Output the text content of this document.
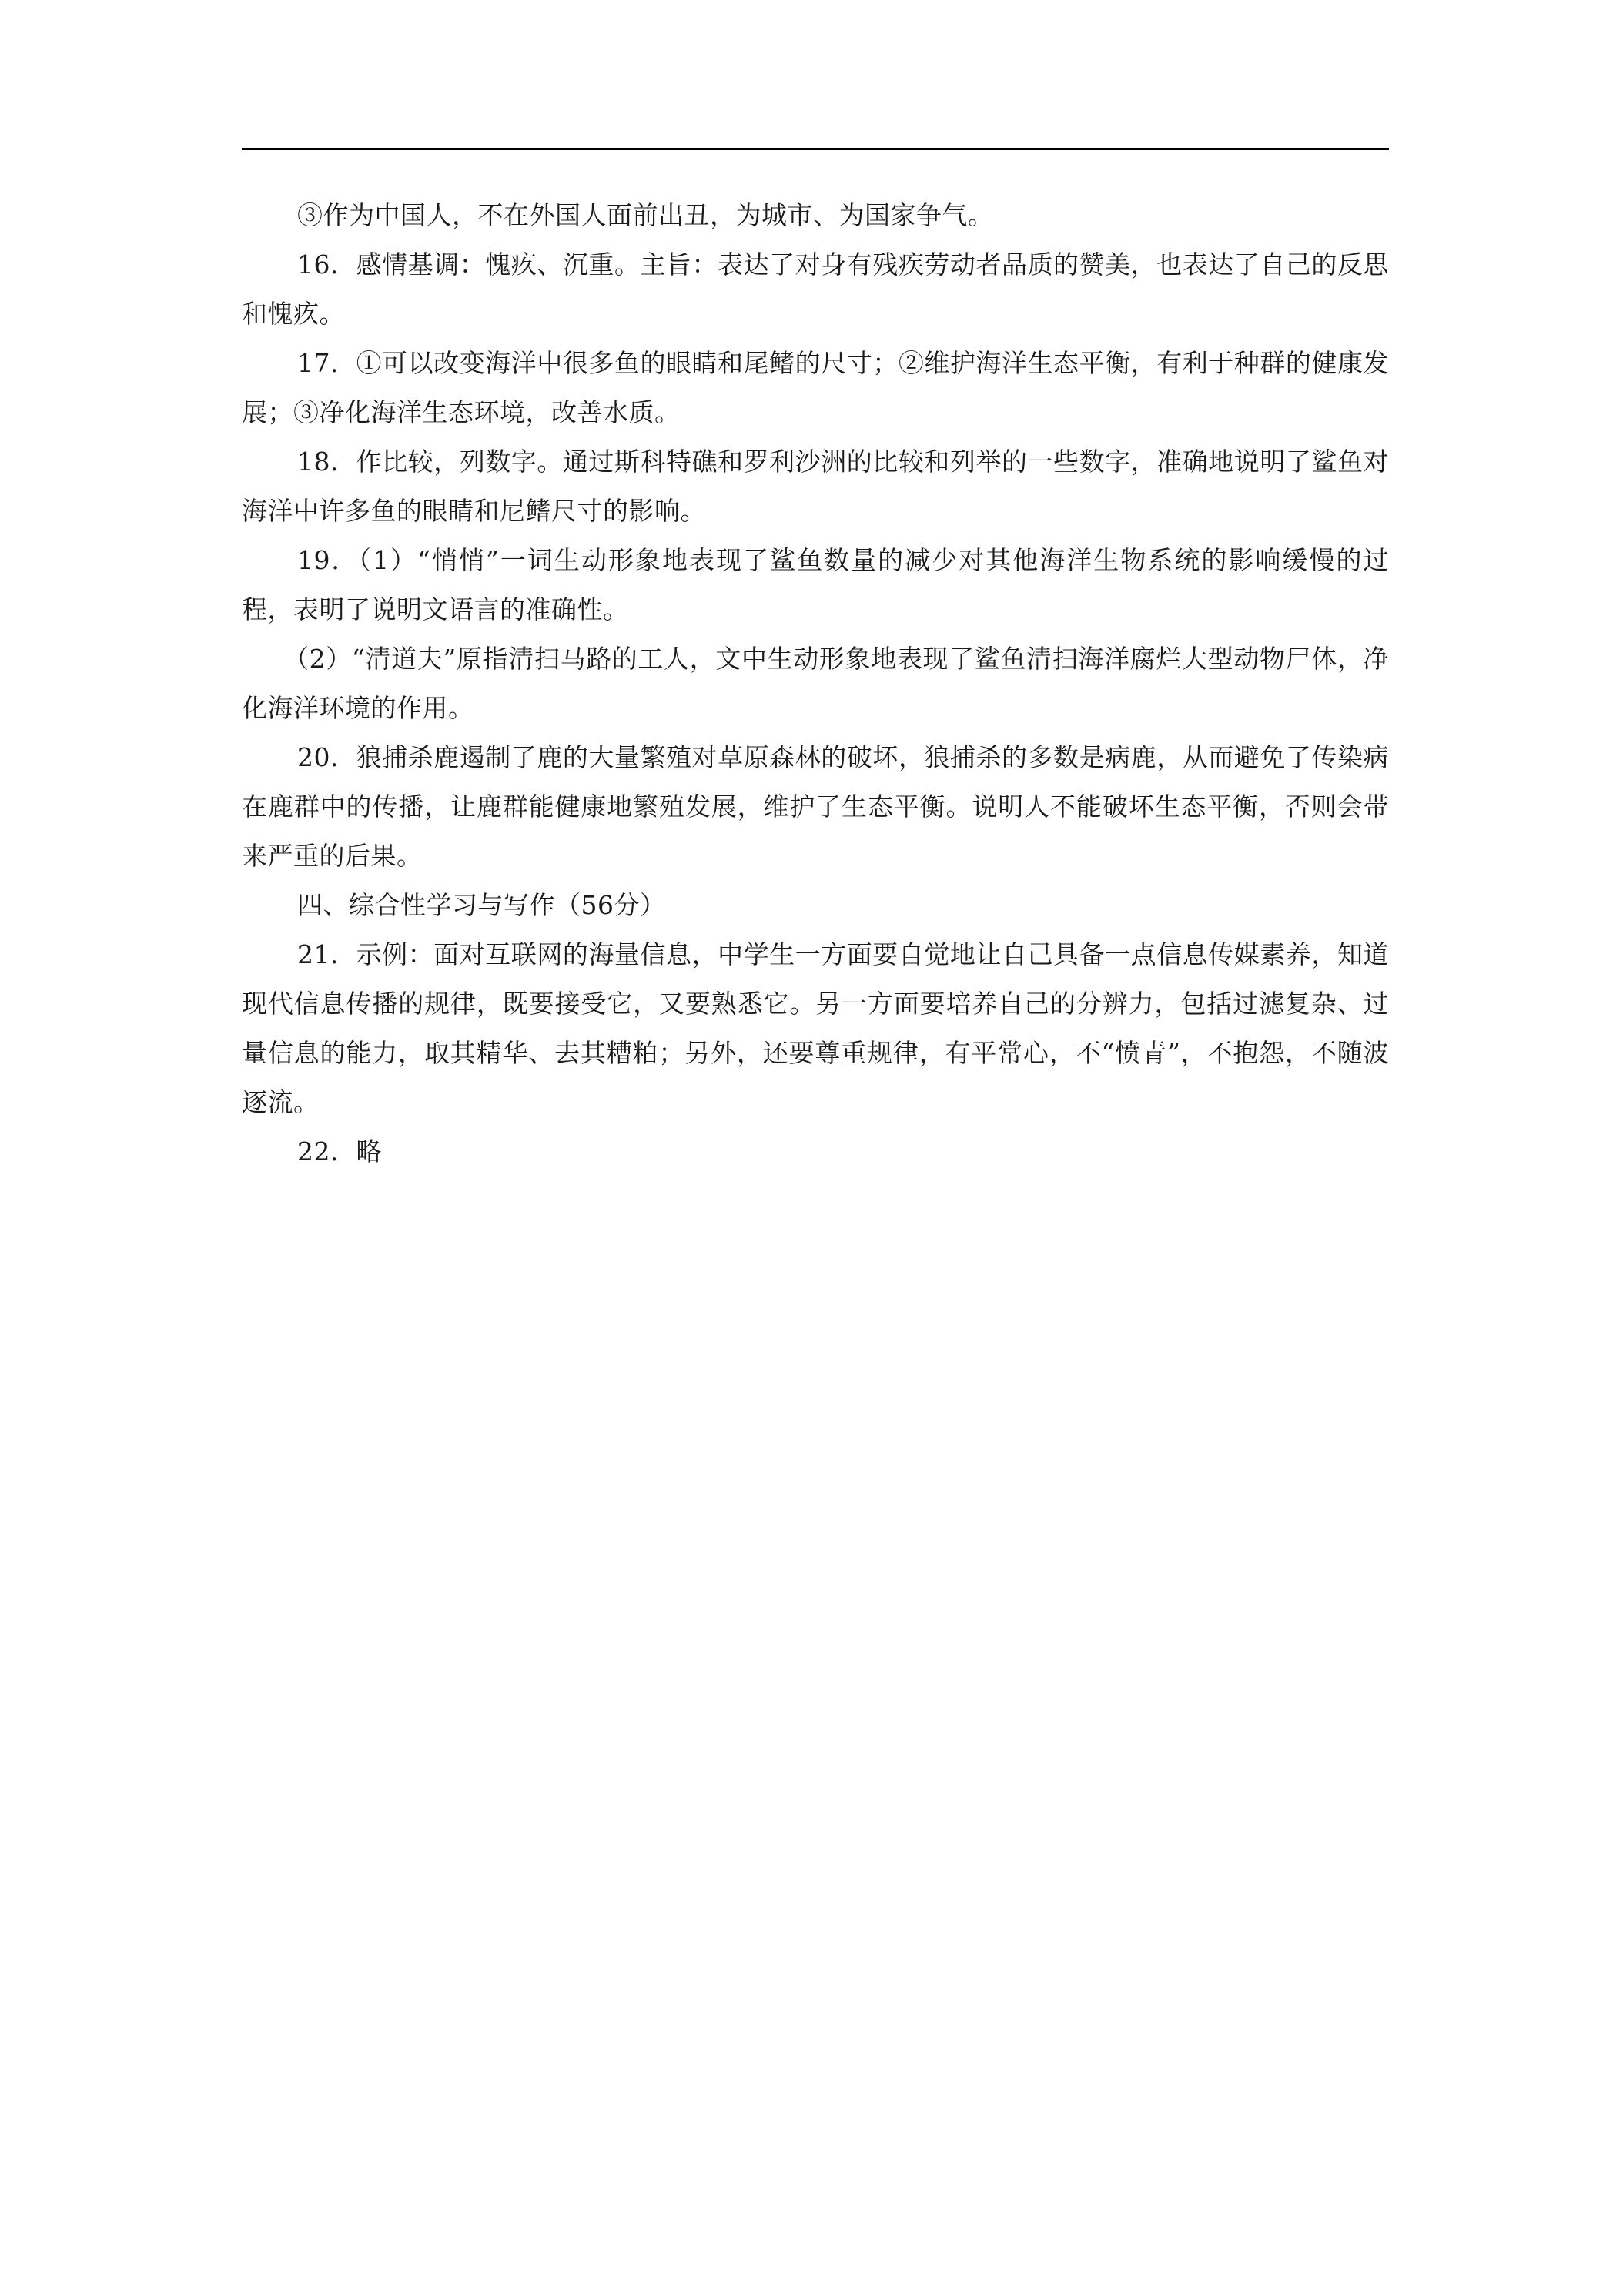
③作为中国人，不在外国人面前出丑，为城市、为国家争气。

16．感情基调：愧疚、沉重。主旨：表达了对身有残疾劳动者品质的赞美，也表达了自己的反思和愧疚。

17．①可以改变海洋中很多鱼的眼睛和尾鳍的尺寸；②维护海洋生态平衡，有利于种群的健康发展；③净化海洋生态环境，改善水质。

18．作比较，列数字。通过斯科特礁和罗利沙洲的比较和列举的一些数字，准确地说明了鲨鱼对海洋中许多鱼的眼睛和尼鳍尺寸的影响。

19．（1）“悄悄”一词生动形象地表现了鲨鱼数量的减少对其他海洋生物系统的影响缓慢的过程，表明了说明文语言的准确性。

（2）“清道夫”原指清扫马路的工人，文中生动形象地表现了鲨鱼清扫海洋腐烂大型动物尸体，净化海洋环境的作用。

20．狼捕杀鹿遏制了鹿的大量繁殖对草原森林的破坏，狼捕杀的多数是病鹿，从而避免了传染病在鹿群中的传播，让鹿群能健康地繁殖发展，维护了生态平衡。说明人不能破坏生态平衡，否则会带来严重的后果。

四、综合性学习与写作（56分）

21．示例：面对互联网的海量信息，中学生一方面要自觉地让自己具备一点信息传媒素养，知道现代信息传播的规律，既要接受它，又要熟悉它。另一方面要培养自己的分辨力，包括过滤复杂、过量信息的能力，取其精华、去其糟粕；另外，还要尊重规律，有平常心，不“愤青”，不抱怨，不随波逐流。

22．略
